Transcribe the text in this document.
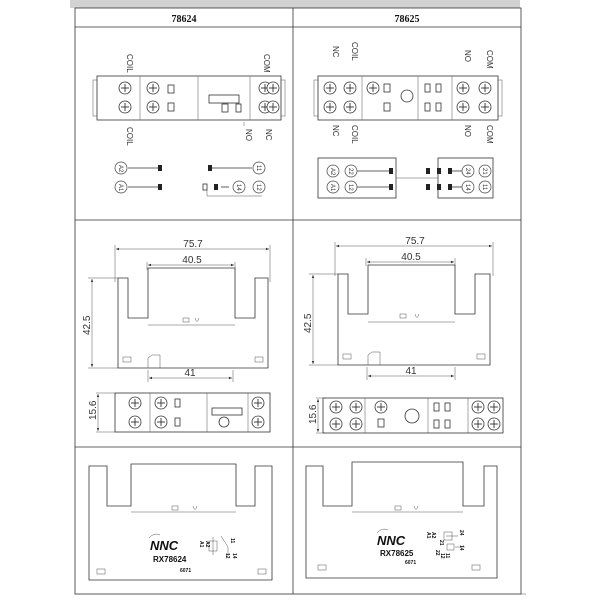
78624	78625
COIL	COM
COIL	NO NC
A2
A1
11
14 12
NC COIL	NO COM
NC COIL	NO COM
A2
A1
22
12
24
14
21
11
75.7
40.5
42.5
41
15.6
75.7
40.5
42.5
41
15.6
NNC
RX78624
6071
A2
A1
11
12 14
NNC
RX78625
6071
A2
A1
21
11
22
12
24
14
